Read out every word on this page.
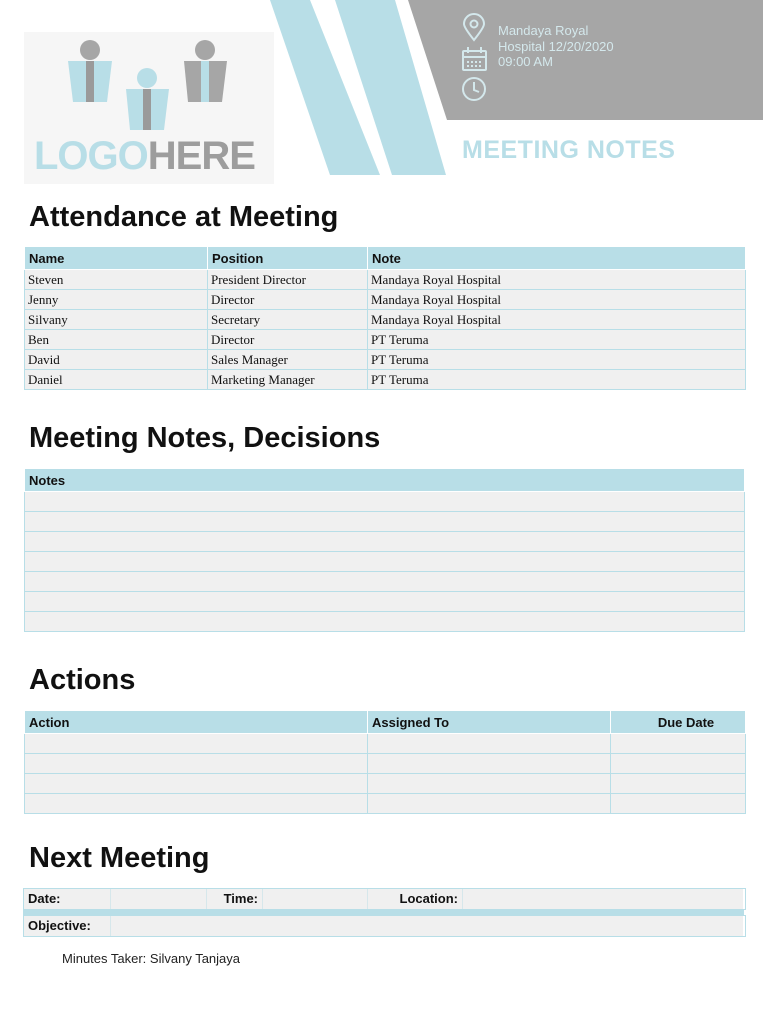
LOGOHERE
Mandaya Royal
Hospital 12/20/2020
09:00 AM
MEETING NOTES
Attendance at Meeting
Name	Position	Note
Steven	President Director	Mandaya Royal Hospital
Jenny	Director	Mandaya Royal Hospital
Silvany	Secretary	Mandaya Royal Hospital
Ben	Director	PT Teruma
David	Sales Manager	PT Teruma
Daniel	Marketing Manager	PT Teruma
Meeting Notes, Decisions
Notes

Actions
Action	Assigned To	Due Date

Next Meeting
Date:	Time:	Location:
Objective:
Minutes Taker: Silvany Tanjaya
